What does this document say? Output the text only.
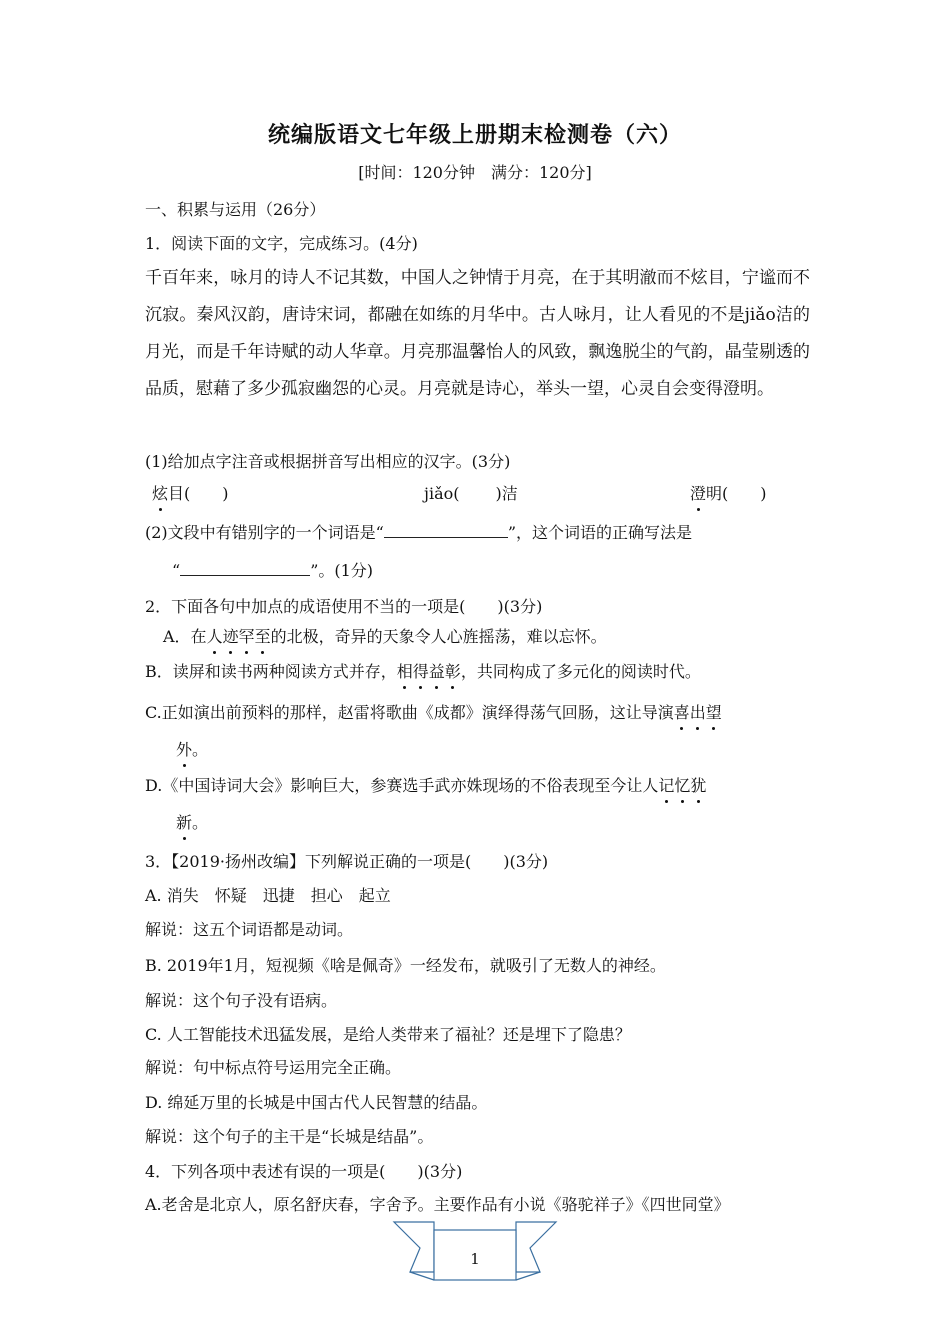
统编版语文七年级上册期末检测卷（六）
[时间：120分钟　满分：120分]
一、积累与运用（26分）
1．阅读下面的文字，完成练习。(4分)
千百年来，咏月的诗人不记其数，中国人之钟情于月亮，在于其明澈而不炫目，宁谧而不沉寂。秦风汉韵，唐诗宋词，都融在如练的月华中。古人咏月，让人看见的不是jiǎo洁的月光，而是千年诗赋的动人华章。月亮那温馨怡人的风致，飘逸脱尘的气韵，晶莹剔透的品质，慰藉了多少孤寂幽怨的心灵。月亮就是诗心，举头一望，心灵自会变得澄明。
(1)给加点字注音或根据拼音写出相应的汉字。(3分)
炫目(　　)	jiǎo( )洁	澄明(　　)
(2)文段中有错别字的一个词语是“	”，这个词语的正确写法是
“	”。(1分)
2．下面各句中加点的成语使用不当的一项是(　　)(3分)
A．在人迹罕至的北极，奇异的天象令人心旌摇荡，难以忘怀。
B．读屏和读书两种阅读方式并存，相得益彰，共同构成了多元化的阅读时代。
C.正如演出前预料的那样，赵雷将歌曲《成都》演绎得荡气回肠，这让导演喜出望
外。
D.《中国诗词大会》影响巨大，参赛选手武亦姝现场的不俗表现至今让人记忆犹
新。
3．【2019·扬州改编】下列解说正确的一项是(　　)(3分)
A. 消失　怀疑　迅捷　担心　起立
解说：这五个词语都是动词。
B. 2019年1月，短视频《啥是佩奇》一经发布，就吸引了无数人的神经。
解说：这个句子没有语病。
C. 人工智能技术迅猛发展，是给人类带来了福祉？还是埋下了隐患？
解说：句中标点符号运用完全正确。
D. 绵延万里的长城是中国古代人民智慧的结晶。
解说：这个句子的主干是“长城是结晶”。
4．下列各项中表述有误的一项是(　　)(3分)
A.老舍是北京人，原名舒庆春，字舍予。主要作品有小说《骆驼祥子》《四世同堂》
1
